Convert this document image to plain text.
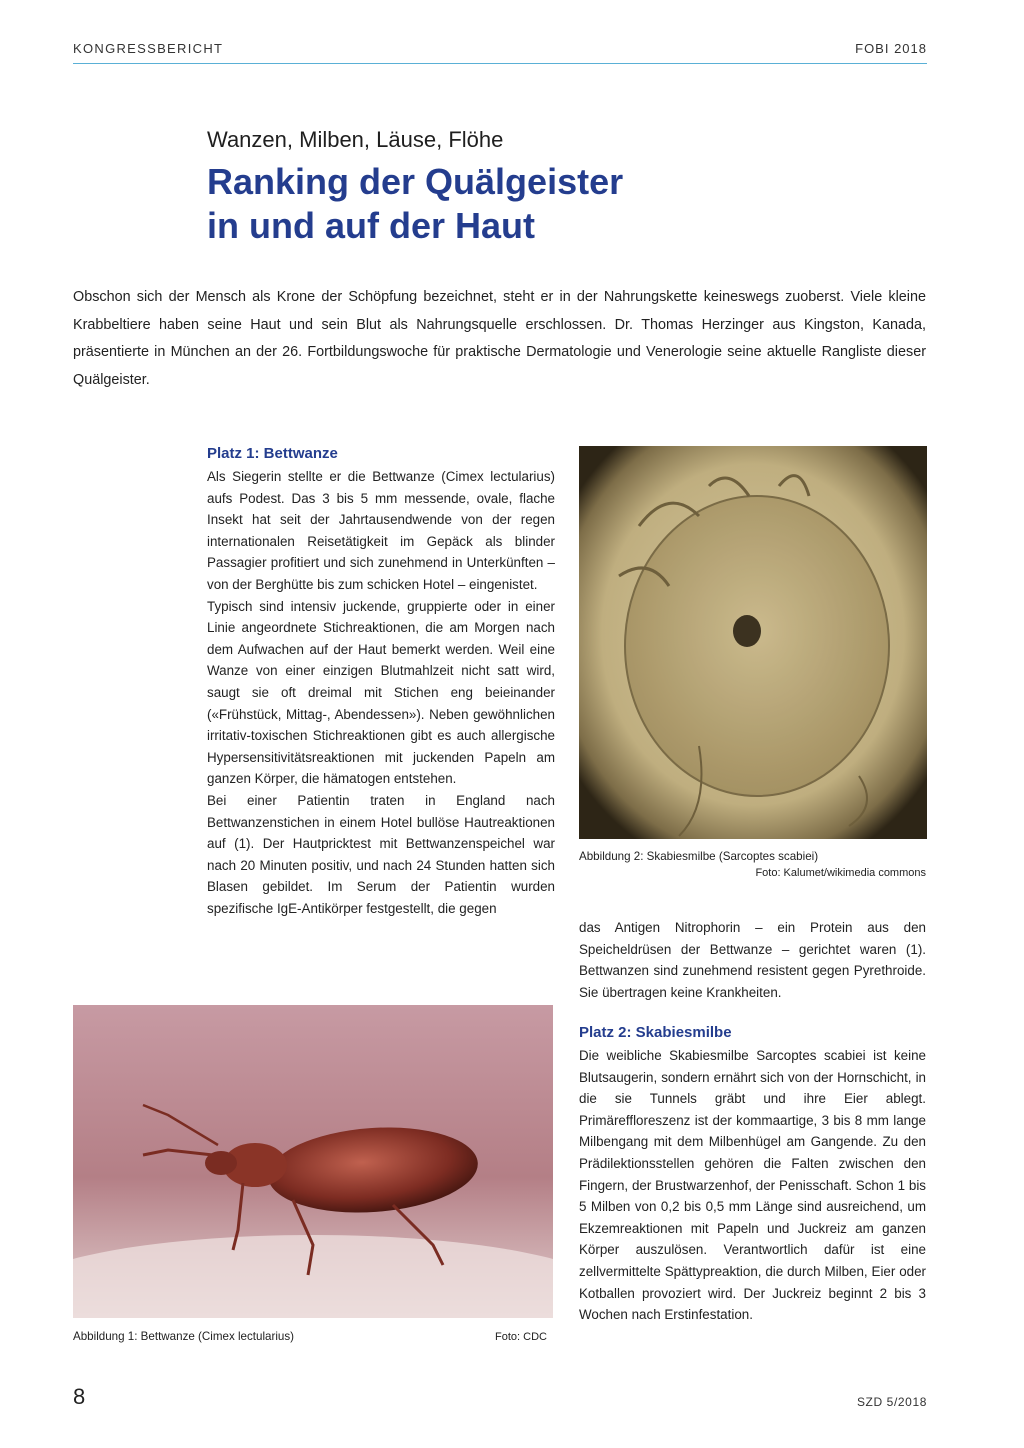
KONGRESSBERICHT	FOBI 2018
Wanzen, Milben, Läuse, Flöhe
Ranking der Quälgeister
in und auf der Haut
Obschon sich der Mensch als Krone der Schöpfung bezeichnet, steht er in der Nahrungskette keineswegs zuoberst. Viele kleine Krabbeltiere haben seine Haut und sein Blut als Nahrungsquelle erschlossen. Dr. Thomas Herzinger aus Kingston, Kanada, präsentierte in München an der 26. Fortbildungswoche für praktische Dermatologie und Venerologie seine aktuelle Rangliste dieser Quälgeister.
Platz 1: Bettwanze

Als Siegerin stellte er die Bettwanze (Cimex lectularius) aufs Podest. Das 3 bis 5 mm messende, ovale, flache Insekt hat seit der Jahrtausendwende von der regen internationalen Reisetätigkeit im Gepäck als blinder Passagier profitiert und sich zunehmend in Unterkünften – von der Berghütte bis zum schicken Hotel – eingenistet.

Typisch sind intensiv juckende, gruppierte oder in einer Linie angeordnete Stichreaktionen, die am Morgen nach dem Aufwachen auf der Haut bemerkt werden. Weil eine Wanze von einer einzigen Blutmahlzeit nicht satt wird, saugt sie oft dreimal mit Stichen eng beieinander («Frühstück, Mittag-, Abendessen»). Neben gewöhnlichen irritativ-toxischen Stichreaktionen gibt es auch allergische Hypersensitivitätsreaktionen mit juckenden Papeln am ganzen Körper, die hämatogen entstehen.

Bei einer Patientin traten in England nach Bettwanzenstichen in einem Hotel bullöse Hautreaktionen auf (1). Der Hautpricktest mit Bettwanzenspeichel war nach 20 Minuten positiv, und nach 24 Stunden hatten sich Blasen gebildet. Im Serum der Patientin wurden spezifische IgE-Antikörper festgestellt, die gegen

Abbildung 2: Skabiesmilbe (Sarcoptes scabiei)
Foto: Kalumet/wikimedia commons

das Antigen Nitrophorin – ein Protein aus den Speicheldrüsen der Bettwanze – gerichtet waren (1). Bettwanzen sind zunehmend resistent gegen Pyrethroide. Sie übertragen keine Krankheiten.

Platz 2: Skabiesmilbe

Die weibliche Skabiesmilbe Sarcoptes scabiei ist keine Blutsaugerin, sondern ernährt sich von der Hornschicht, in die sie Tunnels gräbt und ihre Eier ablegt. Primäreffloreszenz ist der kommaartige, 3 bis 8 mm lange Milbengang mit dem Milbenhügel am Gangende. Zu den Prädilektionsstellen gehören die Falten zwischen den Fingern, der Brustwarzenhof, der Penisschaft. Schon 1 bis 5 Milben von 0,2 bis 0,5 mm Länge sind ausreichend, um Ekzemreaktionen mit Papeln und Juckreiz am ganzen Körper auszulösen. Verantwortlich dafür ist eine zellvermittelte Spättypreaktion, die durch Milben, Eier oder Kotballen provoziert wird. Der Juckreiz beginnt 2 bis 3 Wochen nach Erstinfestation.

Abbildung 1: Bettwanze (Cimex lectularius)	Foto: CDC
8	SZD 5/2018
